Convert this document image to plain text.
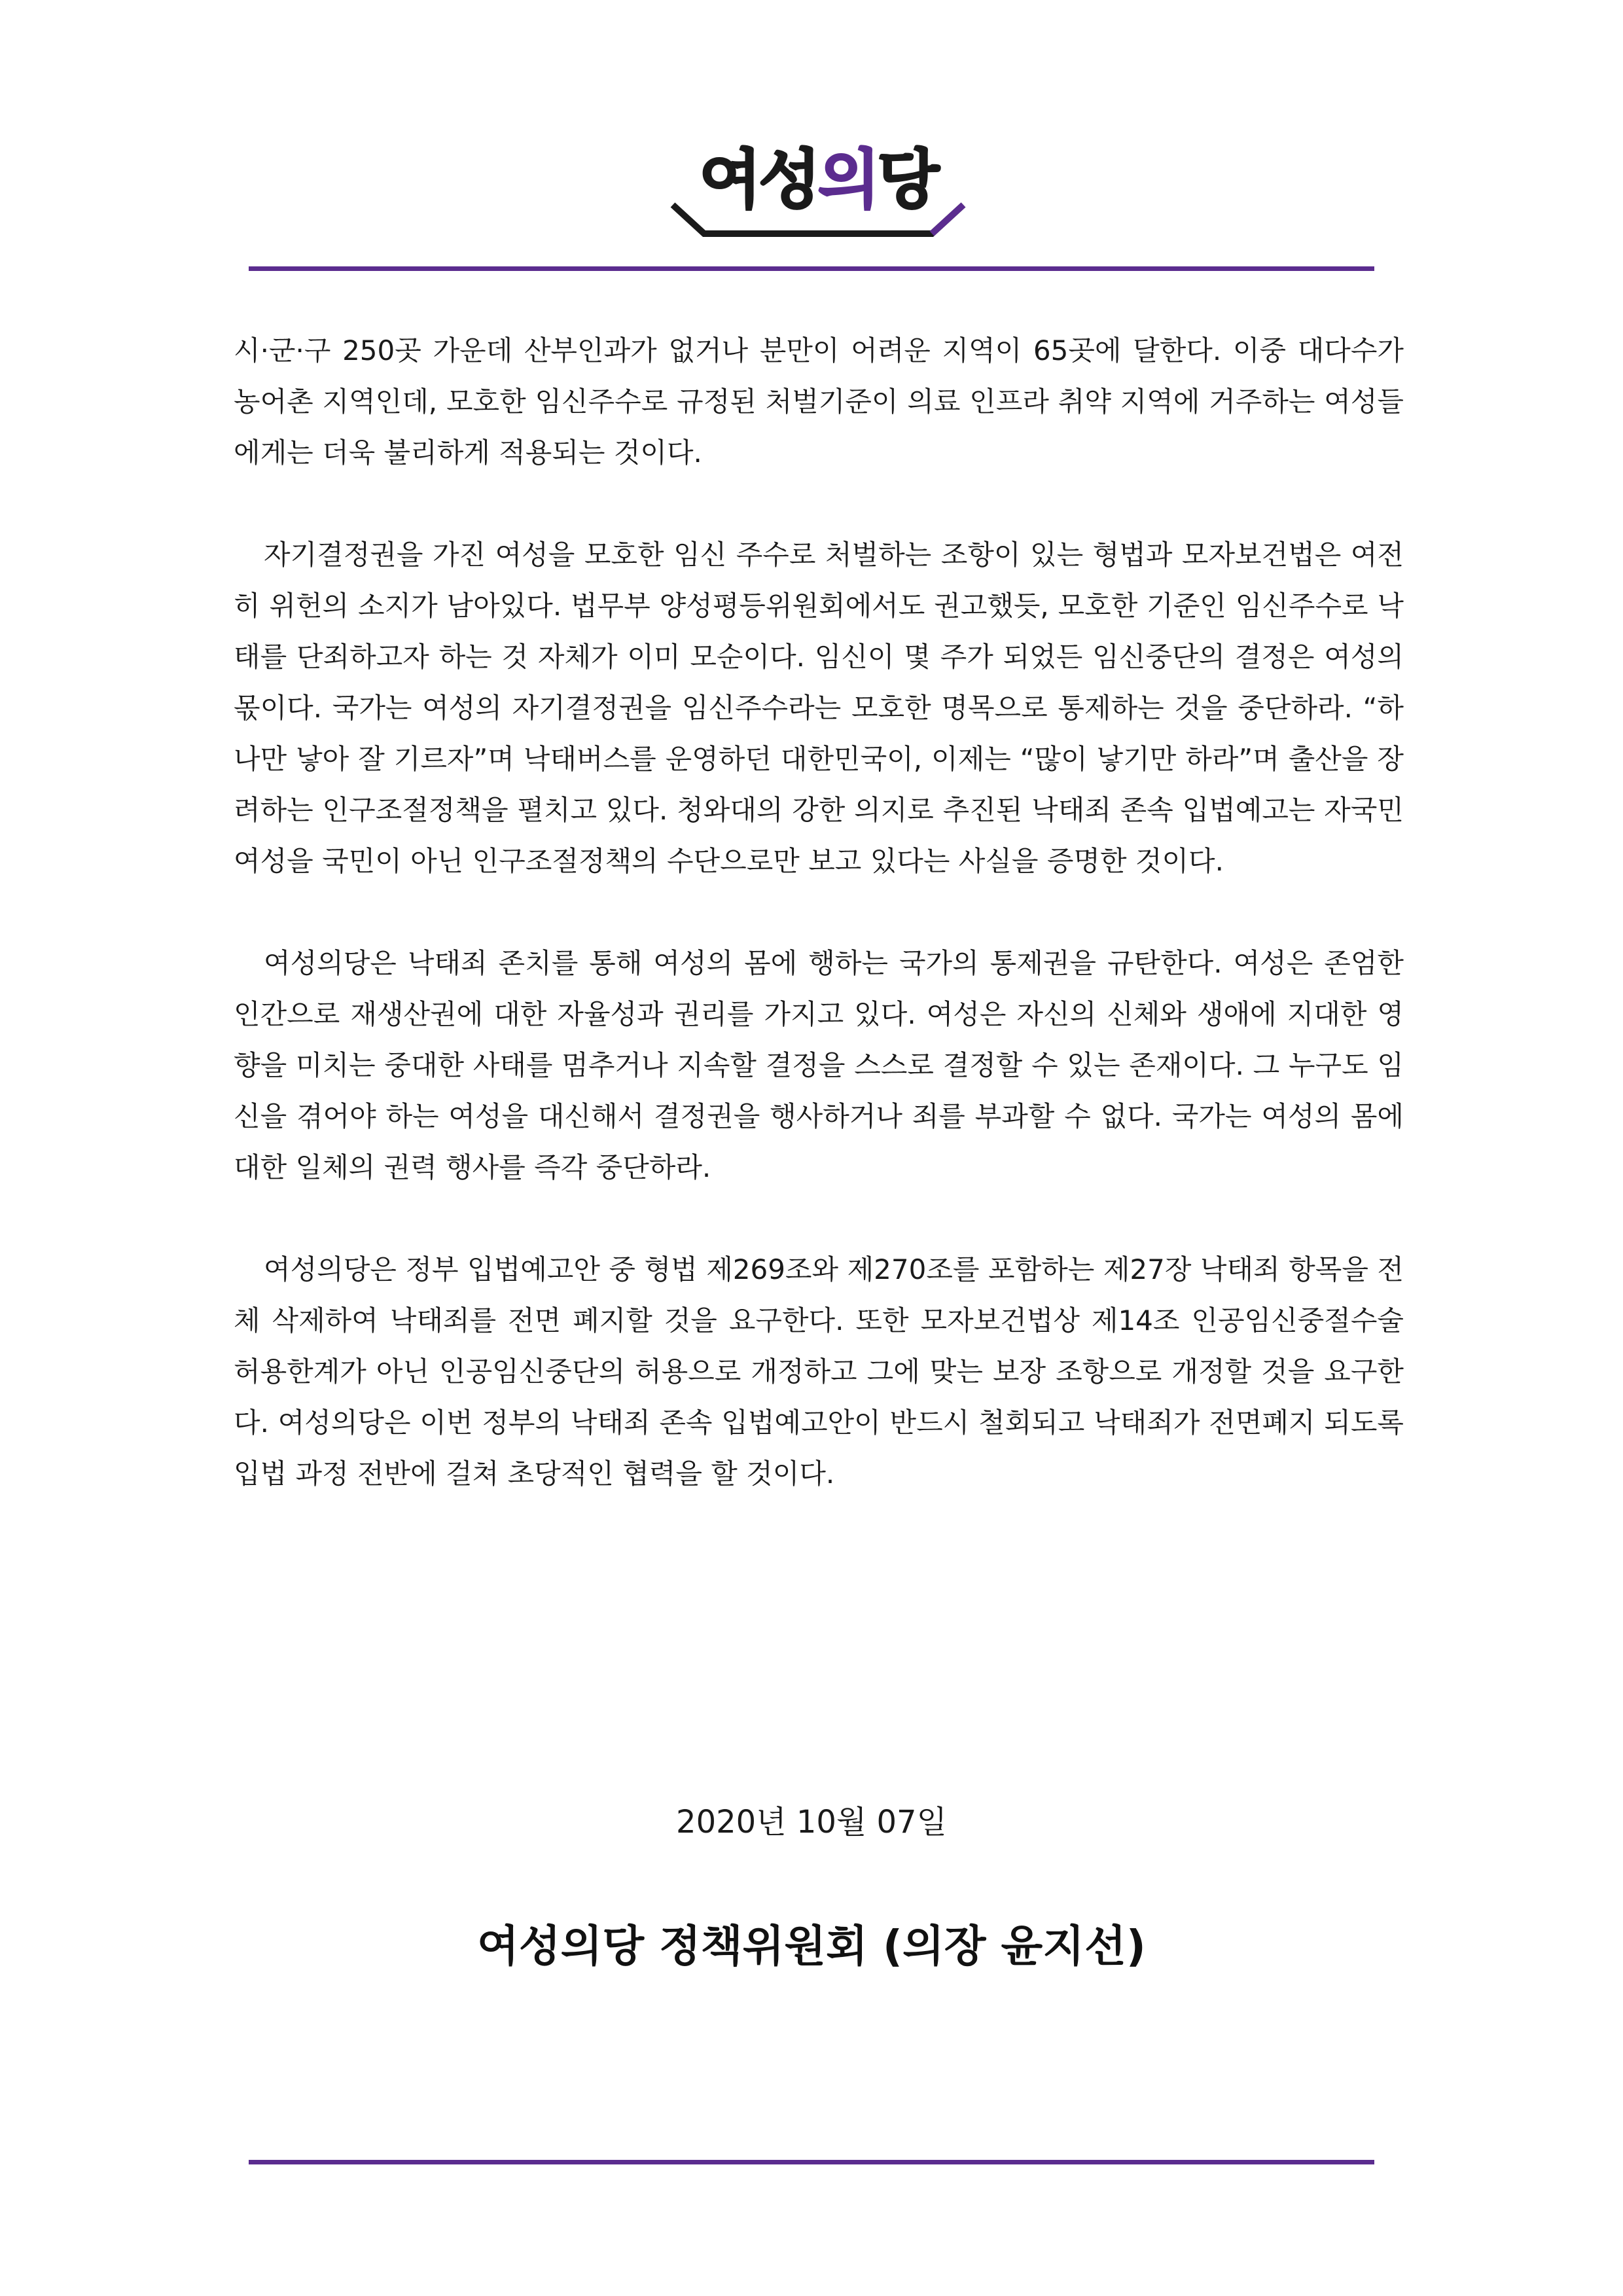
여성의당

시·군·구 250곳 가운데 산부인과가 없거나 분만이 어려운 지역이 65곳에 달한다. 이중 대다수가 농어촌 지역인데, 모호한 임신주수로 규정된 처벌기준이 의료 인프라 취약 지역에 거주하는 여성들에게는 더욱 불리하게 적용되는 것이다.

자기결정권을 가진 여성을 모호한 임신 주수로 처벌하는 조항이 있는 형법과 모자보건법은 여전히 위헌의 소지가 남아있다. 법무부 양성평등위원회에서도 권고했듯, 모호한 기준인 임신주수로 낙태를 단죄하고자 하는 것 자체가 이미 모순이다. 임신이 몇 주가 되었든 임신중단의 결정은 여성의 몫이다. 국가는 여성의 자기결정권을 임신주수라는 모호한 명목으로 통제하는 것을 중단하라. “하나만 낳아 잘 기르자”며 낙태버스를 운영하던 대한민국이, 이제는 “많이 낳기만 하라”며 출산을 장려하는 인구조절정책을 펼치고 있다. 청와대의 강한 의지로 추진된 낙태죄 존속 입법예고는 자국민 여성을 국민이 아닌 인구조절정책의 수단으로만 보고 있다는 사실을 증명한 것이다.

여성의당은 낙태죄 존치를 통해 여성의 몸에 행하는 국가의 통제권을 규탄한다. 여성은 존엄한 인간으로 재생산권에 대한 자율성과 권리를 가지고 있다. 여성은 자신의 신체와 생애에 지대한 영향을 미치는 중대한 사태를 멈추거나 지속할 결정을 스스로 결정할 수 있는 존재이다. 그 누구도 임신을 겪어야 하는 여성을 대신해서 결정권을 행사하거나 죄를 부과할 수 없다. 국가는 여성의 몸에 대한 일체의 권력 행사를 즉각 중단하라.

여성의당은 정부 입법예고안 중 형법 제269조와 제270조를 포함하는 제27장 낙태죄 항목을 전체 삭제하여 낙태죄를 전면 폐지할 것을 요구한다. 또한 모자보건법상 제14조 인공임신중절수술 허용한계가 아닌 인공임신중단의 허용으로 개정하고 그에 맞는 보장 조항으로 개정할 것을 요구한다. 여성의당은 이번 정부의 낙태죄 존속 입법예고안이 반드시 철회되고 낙태죄가 전면폐지 되도록 입법 과정 전반에 걸쳐 초당적인 협력을 할 것이다.

2020년 10월 07일
여성의당 정책위원회 (의장 윤지선)
